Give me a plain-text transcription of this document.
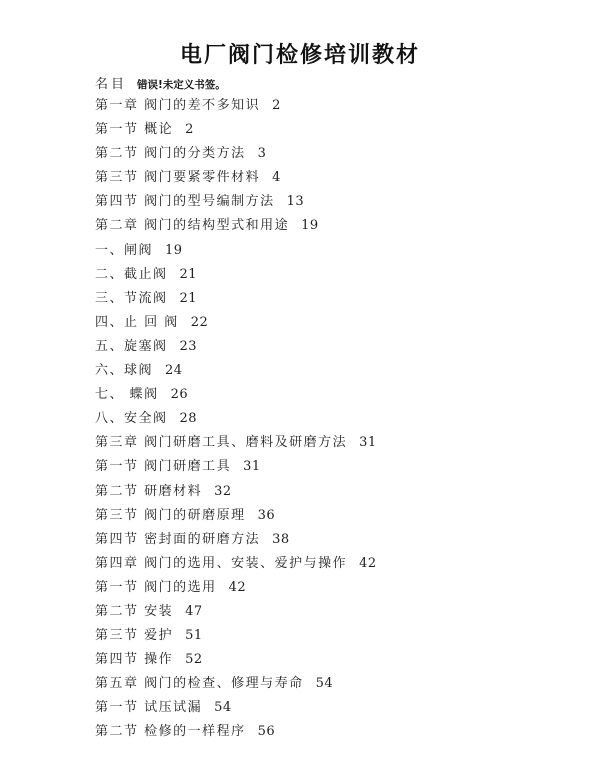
电厂阀门检修培训教材
名目 错误!未定义书签。
第一章 阀门的差不多知识 2
第一节 概论 2
第二节 阀门的分类方法 3
第三节 阀门要紧零件材料 4
第四节 阀门的型号编制方法 13
第二章 阀门的结构型式和用途 19
一、闸阀 19
二、截止阀 21
三、节流阀 21
四、止 回 阀 22
五、旋塞阀 23
六、球阀 24
七、 蝶阀 26
八、安全阀 28
第三章 阀门研磨工具、磨料及研磨方法 31
第一节 阀门研磨工具 31
第二节 研磨材料 32
第三节 阀门的研磨原理 36
第四节 密封面的研磨方法 38
第四章 阀门的选用、安装、爱护与操作 42
第一节 阀门的选用 42
第二节 安装 47
第三节 爱护 51
第四节 操作 52
第五章 阀门的检查、修理与寿命 54
第一节 试压试漏 54
第二节 检修的一样程序 56
